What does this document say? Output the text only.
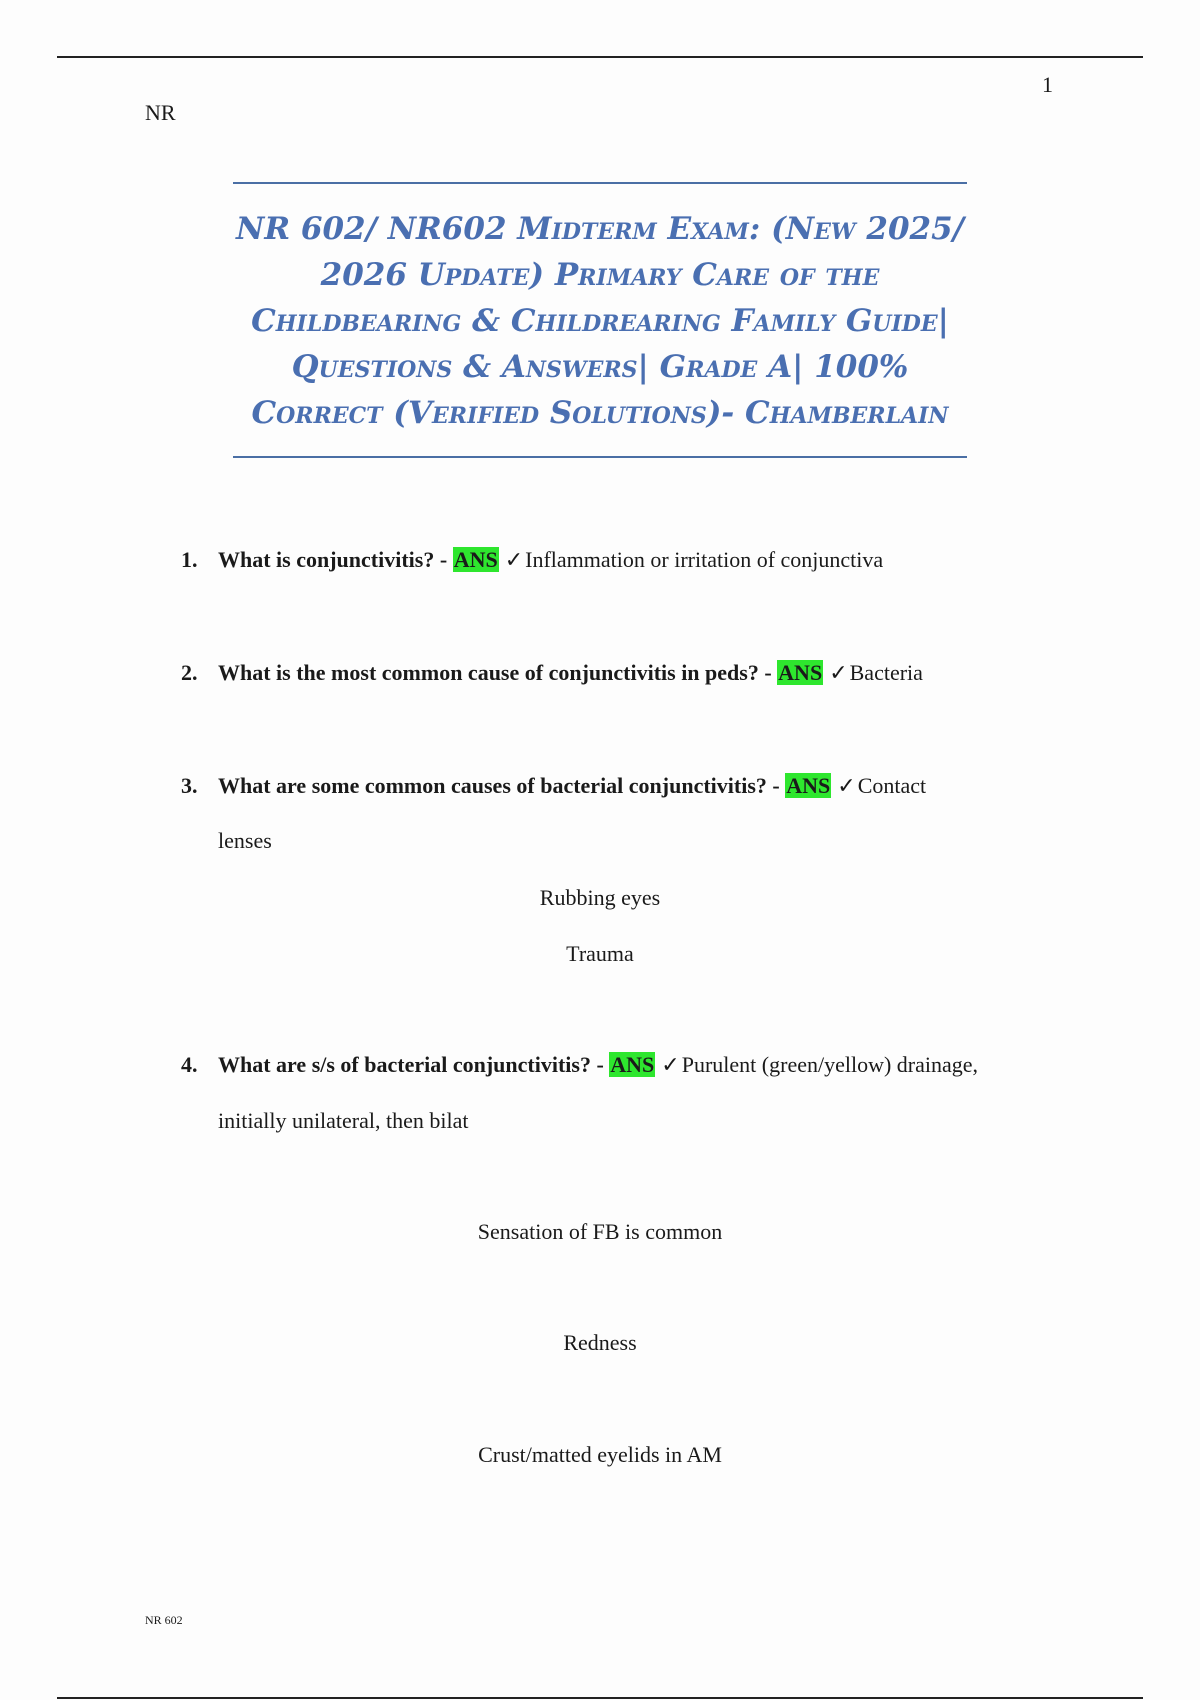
1
NR
NR 602/ NR602 Midterm Exam: (New 2025/
2026 Update) Primary Care of the
Childbearing & Childrearing Family Guide|
Questions & Answers| Grade A| 100%
Correct (Verified Solutions)- Chamberlain
1. What is conjunctivitis? - ANS ✓Inflammation or irritation of conjunctiva
2. What is the most common cause of conjunctivitis in peds? - ANS ✓Bacteria
3. What are some common causes of bacterial conjunctivitis? - ANS ✓Contact
lenses
Rubbing eyes
Trauma
4. What are s/s of bacterial conjunctivitis? - ANS ✓Purulent (green/yellow) drainage,
initially unilateral, then bilat
Sensation of FB is common
Redness
Crust/matted eyelids in AM
NR 602
